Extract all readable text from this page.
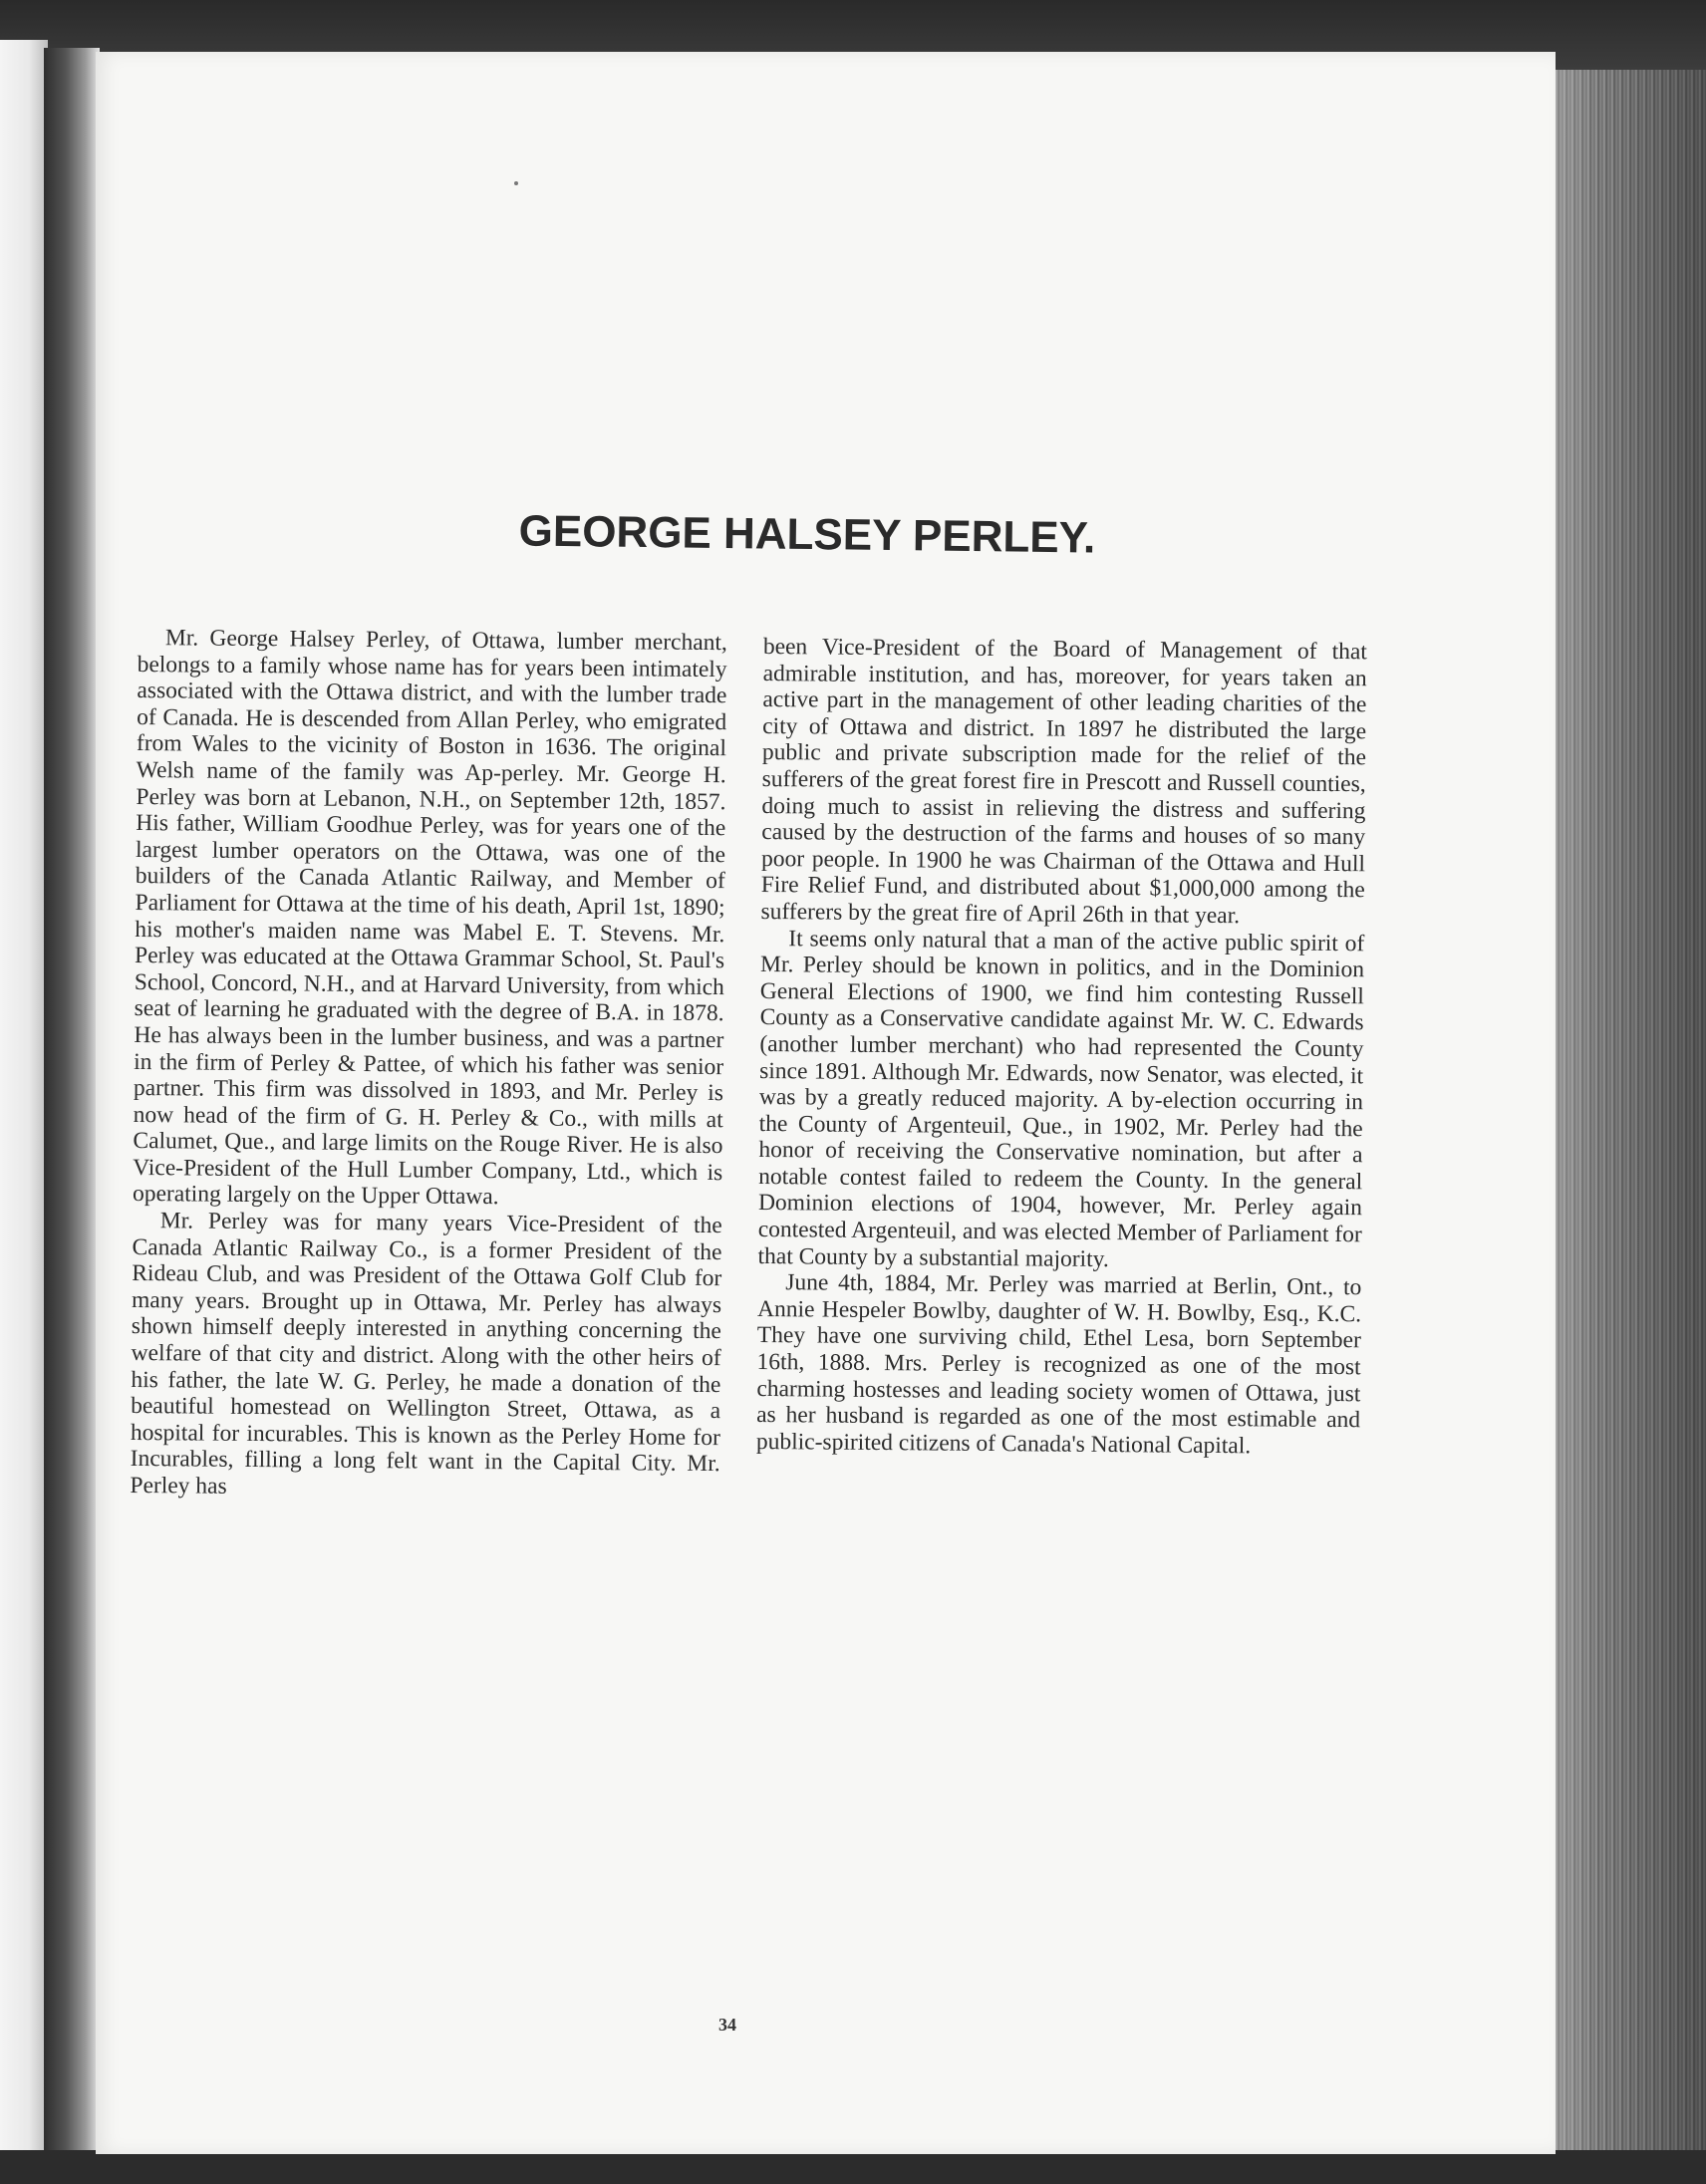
GEORGE HALSEY PERLEY.

Mr. George Halsey Perley, of Ottawa, lumber merchant, belongs to a family whose name has for years been intimately associated with the Ottawa district, and with the lumber trade of Canada. He is descended from Allan Perley, who emigrated from Wales to the vicinity of Boston in 1636. The original Welsh name of the family was Ap-perley. Mr. George H. Perley was born at Lebanon, N.H., on September 12th, 1857. His father, William Goodhue Perley, was for years one of the largest lumber operators on the Ottawa, was one of the builders of the Canada Atlantic Railway, and Member of Parliament for Ottawa at the time of his death, April 1st, 1890; his mother's maiden name was Mabel E. T. Stevens. Mr. Perley was educated at the Ottawa Grammar School, St. Paul's School, Concord, N.H., and at Harvard University, from which seat of learning he graduated with the degree of B.A. in 1878. He has always been in the lumber business, and was a partner in the firm of Perley & Pattee, of which his father was senior partner. This firm was dissolved in 1893, and Mr. Perley is now head of the firm of G. H. Perley & Co., with mills at Calumet, Que., and large limits on the Rouge River. He is also Vice-President of the Hull Lumber Company, Ltd., which is operating largely on the Upper Ottawa.

Mr. Perley was for many years Vice-President of the Canada Atlantic Railway Co., is a former President of the Rideau Club, and was President of the Ottawa Golf Club for many years. Brought up in Ottawa, Mr. Perley has always shown himself deeply interested in anything concerning the welfare of that city and district. Along with the other heirs of his father, the late W. G. Perley, he made a donation of the beautiful homestead on Wellington Street, Ottawa, as a hospital for incurables. This is known as the Perley Home for Incurables, filling a long felt want in the Capital City. Mr. Perley has

been Vice-President of the Board of Management of that admirable institution, and has, moreover, for years taken an active part in the management of other leading charities of the city of Ottawa and district. In 1897 he distributed the large public and private subscription made for the relief of the sufferers of the great forest fire in Prescott and Russell counties, doing much to assist in relieving the distress and suffering caused by the destruction of the farms and houses of so many poor people. In 1900 he was Chairman of the Ottawa and Hull Fire Relief Fund, and distributed about $1,000,000 among the sufferers by the great fire of April 26th in that year.

It seems only natural that a man of the active public spirit of Mr. Perley should be known in politics, and in the Dominion General Elections of 1900, we find him contesting Russell County as a Conservative candidate against Mr. W. C. Edwards (another lumber merchant) who had represented the County since 1891. Although Mr. Edwards, now Senator, was elected, it was by a greatly reduced majority. A by-election occurring in the County of Argenteuil, Que., in 1902, Mr. Perley had the honor of receiving the Conservative nomination, but after a notable contest failed to redeem the County. In the general Dominion elections of 1904, however, Mr. Perley again contested Argenteuil, and was elected Member of Parliament for that County by a substantial majority.

June 4th, 1884, Mr. Perley was married at Berlin, Ont., to Annie Hespeler Bowlby, daughter of W. H. Bowlby, Esq., K.C. They have one surviving child, Ethel Lesa, born September 16th, 1888. Mrs. Perley is recognized as one of the most charming hostesses and leading society women of Ottawa, just as her husband is regarded as one of the most estimable and public-spirited citizens of Canada's National Capital.

34
